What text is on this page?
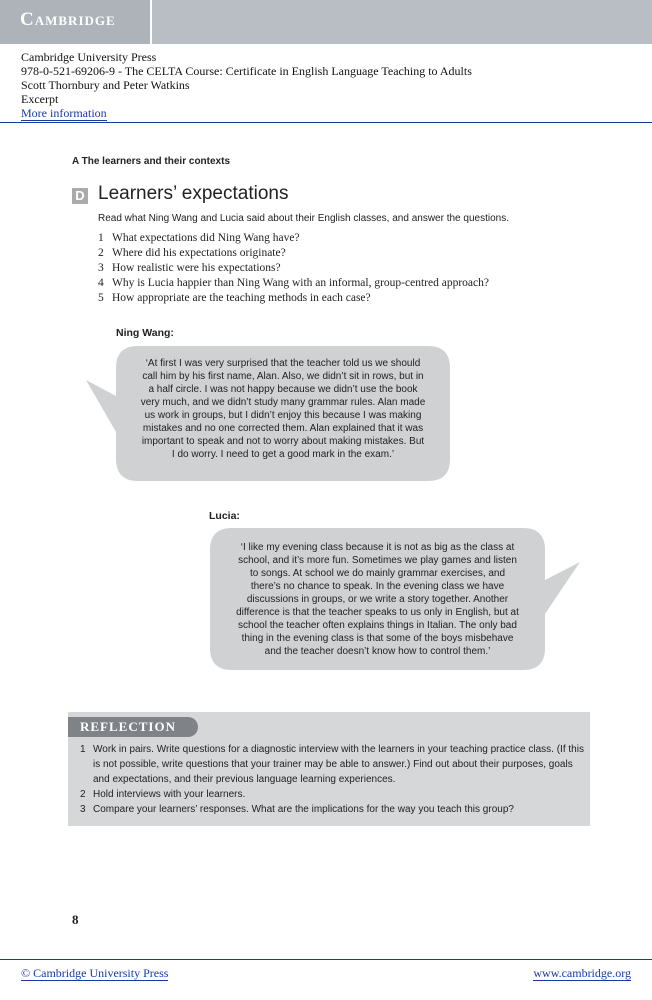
Cambridge
Cambridge University Press
978-0-521-69206-9 - The CELTA Course: Certificate in English Language Teaching to Adults
Scott Thornbury and Peter Watkins
Excerpt
More information
A The learners and their contexts
D Learners’ expectations
Read what Ning Wang and Lucia said about their English classes, and answer the questions.
1 What expectations did Ning Wang have?
2 Where did his expectations originate?
3 How realistic were his expectations?
4 Why is Lucia happier than Ning Wang with an informal, group-centred approach?
5 How appropriate are the teaching methods in each case?
Ning Wang:
‘At first I was very surprised that the teacher told us we should
call him by his first name, Alan. Also, we didn’t sit in rows, but in
a half circle. I was not happy because we didn’t use the book
very much, and we didn’t study many grammar rules. Alan made
us work in groups, but I didn’t enjoy this because I was making
mistakes and no one corrected them. Alan explained that it was
important to speak and not to worry about making mistakes. But
I do worry. I need to get a good mark in the exam.’
Lucia:
‘I like my evening class because it is not as big as the class at
school, and it’s more fun. Sometimes we play games and listen
to songs. At school we do mainly grammar exercises, and
there’s no chance to speak. In the evening class we have
discussions in groups, or we write a story together. Another
difference is that the teacher speaks to us only in English, but at
school the teacher often explains things in Italian. The only bad
thing in the evening class is that some of the boys misbehave
and the teacher doesn’t know how to control them.’
REFLECTION
1 Work in pairs. Write questions for a diagnostic interview with the learners in your teaching practice class. (If this is not possible, write questions that your trainer may be able to answer.) Find out about their purposes, goals and expectations, and their previous language learning experiences.
2 Hold interviews with your learners.
3 Compare your learners’ responses. What are the implications for the way you teach this group?
8
© Cambridge University Press	www.cambridge.org
